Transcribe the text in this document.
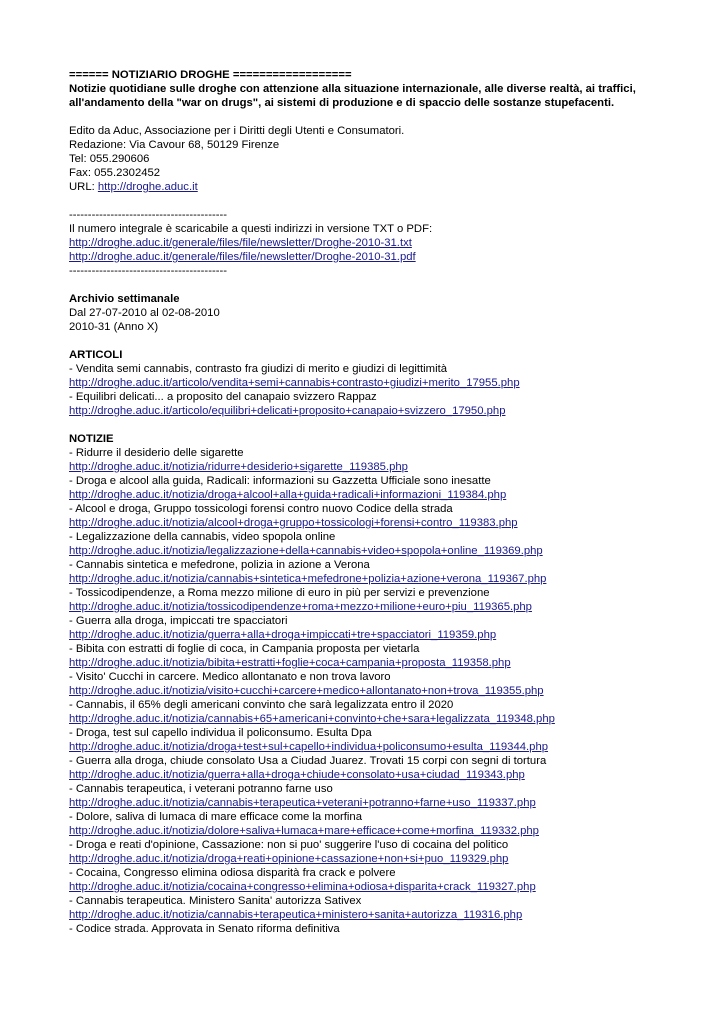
====== NOTIZIARIO DROGHE ==================
Notizie quotidiane sulle droghe con attenzione alla situazione internazionale, alle diverse realtà, ai traffici, all'andamento della "war on drugs", ai sistemi di produzione e di spaccio delle sostanze stupefacenti.
Edito da Aduc, Associazione per i Diritti degli Utenti e Consumatori.
Redazione: Via Cavour 68, 50129 Firenze
Tel: 055.290606
Fax: 055.2302452
URL: http://droghe.aduc.it
------------------------------------------
Il numero integrale è scaricabile a questi indirizzi in versione TXT o PDF:
http://droghe.aduc.it/generale/files/file/newsletter/Droghe-2010-31.txt
http://droghe.aduc.it/generale/files/file/newsletter/Droghe-2010-31.pdf
------------------------------------------
Archivio settimanale
Dal 27-07-2010 al 02-08-2010
2010-31 (Anno X)
ARTICOLI
- Vendita semi cannabis, contrasto fra giudizi di merito e giudizi di legittimità
http://droghe.aduc.it/articolo/vendita+semi+cannabis+contrasto+giudizi+merito_17955.php
- Equilibri delicati... a proposito del canapaio svizzero Rappaz
http://droghe.aduc.it/articolo/equilibri+delicati+proposito+canapaio+svizzero_17950.php
NOTIZIE
- Ridurre il desiderio delle sigarette
http://droghe.aduc.it/notizia/ridurre+desiderio+sigarette_119385.php
- Droga e alcool alla guida, Radicali: informazioni su Gazzetta Ufficiale sono inesatte
http://droghe.aduc.it/notizia/droga+alcool+alla+guida+radicali+informazioni_119384.php
- Alcool e droga, Gruppo tossicologi forensi contro nuovo Codice della strada
http://droghe.aduc.it/notizia/alcool+droga+gruppo+tossicologi+forensi+contro_119383.php
- Legalizzazione della cannabis, video spopola online
http://droghe.aduc.it/notizia/legalizzazione+della+cannabis+video+spopola+online_119369.php
- Cannabis sintetica e mefedrone, polizia in azione a Verona
http://droghe.aduc.it/notizia/cannabis+sintetica+mefedrone+polizia+azione+verona_119367.php
- Tossicodipendenze, a Roma mezzo milione di euro in più per servizi e prevenzione
http://droghe.aduc.it/notizia/tossicodipendenze+roma+mezzo+milione+euro+piu_119365.php
- Guerra alla droga, impiccati tre spacciatori
http://droghe.aduc.it/notizia/guerra+alla+droga+impiccati+tre+spacciatori_119359.php
- Bibita con estratti di foglie di coca, in Campania proposta per vietarla
http://droghe.aduc.it/notizia/bibita+estratti+foglie+coca+campania+proposta_119358.php
- Visito' Cucchi in carcere. Medico allontanato e non trova lavoro
http://droghe.aduc.it/notizia/visito+cucchi+carcere+medico+allontanato+non+trova_119355.php
- Cannabis, il 65% degli americani convinto che sarà legalizzata entro il 2020
http://droghe.aduc.it/notizia/cannabis+65+americani+convinto+che+sara+legalizzata_119348.php
- Droga, test sul capello individua il policonsumo. Esulta Dpa
http://droghe.aduc.it/notizia/droga+test+sul+capello+individua+policonsumo+esulta_119344.php
- Guerra alla droga, chiude consolato Usa a Ciudad Juarez. Trovati 15 corpi con segni di tortura
http://droghe.aduc.it/notizia/guerra+alla+droga+chiude+consolato+usa+ciudad_119343.php
- Cannabis terapeutica, i veterani potranno farne uso
http://droghe.aduc.it/notizia/cannabis+terapeutica+veterani+potranno+farne+uso_119337.php
- Dolore, saliva di lumaca di mare efficace come la morfina
http://droghe.aduc.it/notizia/dolore+saliva+lumaca+mare+efficace+come+morfina_119332.php
- Droga e reati d'opinione, Cassazione: non si puo' suggerire l'uso di cocaina del politico
http://droghe.aduc.it/notizia/droga+reati+opinione+cassazione+non+si+puo_119329.php
- Cocaina, Congresso elimina odiosa disparità fra crack e polvere
http://droghe.aduc.it/notizia/cocaina+congresso+elimina+odiosa+disparita+crack_119327.php
- Cannabis terapeutica. Ministero Sanita' autorizza Sativex
http://droghe.aduc.it/notizia/cannabis+terapeutica+ministero+sanita+autorizza_119316.php
- Codice strada. Approvata in Senato riforma definitiva
